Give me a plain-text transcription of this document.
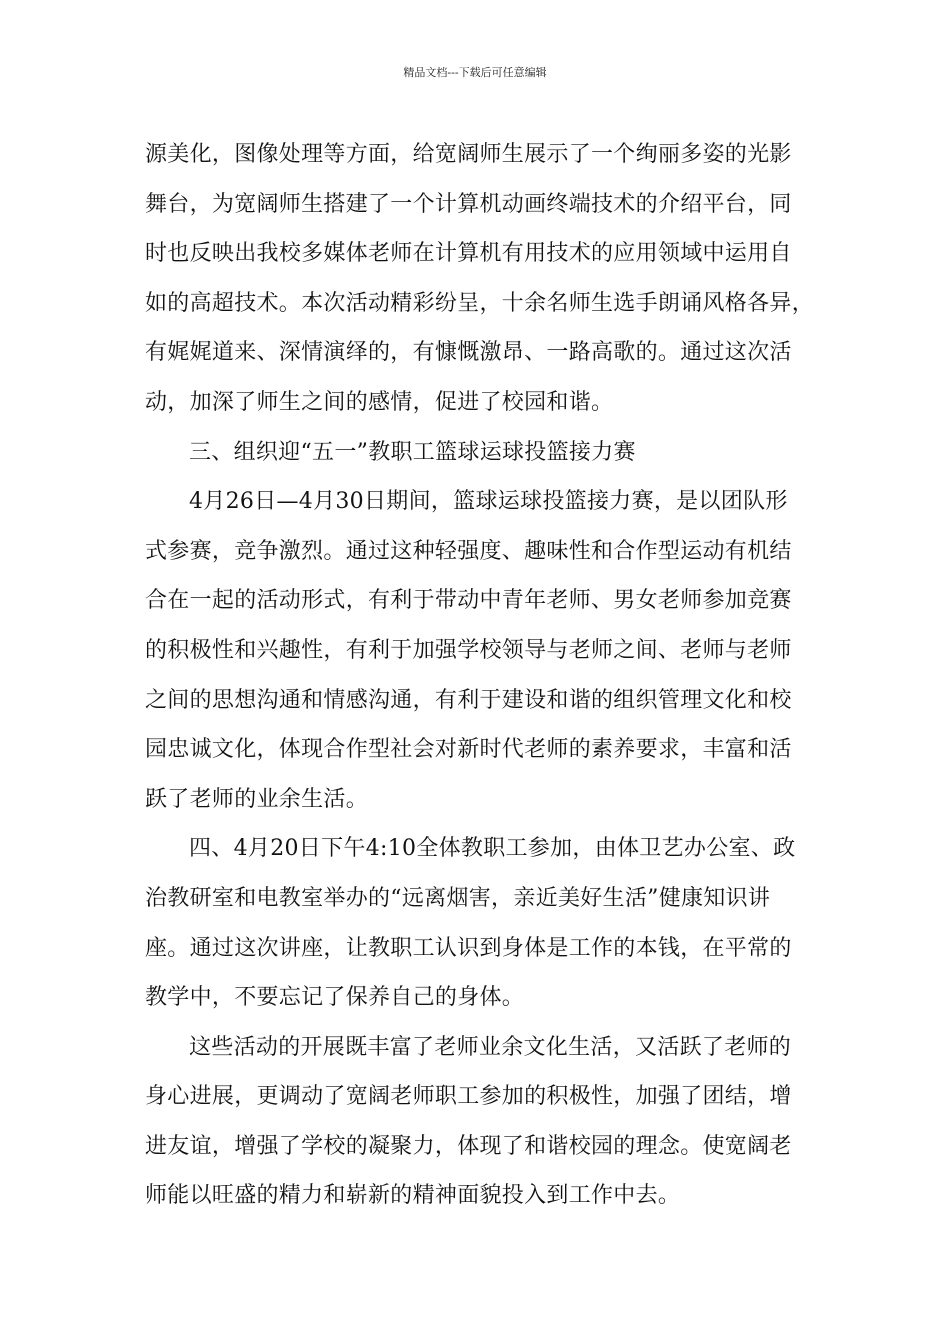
精品文档---下载后可任意编辑
源美化，图像处理等方面，给宽阔师生展示了一个绚丽多姿的光影
舞台，为宽阔师生搭建了一个计算机动画终端技术的介绍平台，同
时也反映出我校多媒体老师在计算机有用技术的应用领域中运用自
如的高超技术。本次活动精彩纷呈，十余名师生选手朗诵风格各异，
有娓娓道来、深情演绎的，有慷慨激昂、一路高歌的。通过这次活
动，加深了师生之间的感情，促进了校园和谐。
三、组织迎“五一”教职工篮球运球投篮接力赛
4月26日—4月30日期间，篮球运球投篮接力赛，是以团队形
式参赛，竞争激烈。通过这种轻强度、趣味性和合作型运动有机结
合在一起的活动形式，有利于带动中青年老师、男女老师参加竞赛
的积极性和兴趣性，有利于加强学校领导与老师之间、老师与老师
之间的思想沟通和情感沟通，有利于建设和谐的组织管理文化和校
园忠诚文化，体现合作型社会对新时代老师的素养要求，丰富和活
跃了老师的业余生活。
四、4月20日下午4:10全体教职工参加，由体卫艺办公室、政
治教研室和电教室举办的“远离烟害，亲近美好生活”健康知识讲
座。通过这次讲座，让教职工认识到身体是工作的本钱，在平常的
教学中，不要忘记了保养自己的身体。
这些活动的开展既丰富了老师业余文化生活，又活跃了老师的
身心进展，更调动了宽阔老师职工参加的积极性，加强了团结，增
进友谊，增强了学校的凝聚力，体现了和谐校园的理念。使宽阔老
师能以旺盛的精力和崭新的精神面貌投入到工作中去。
